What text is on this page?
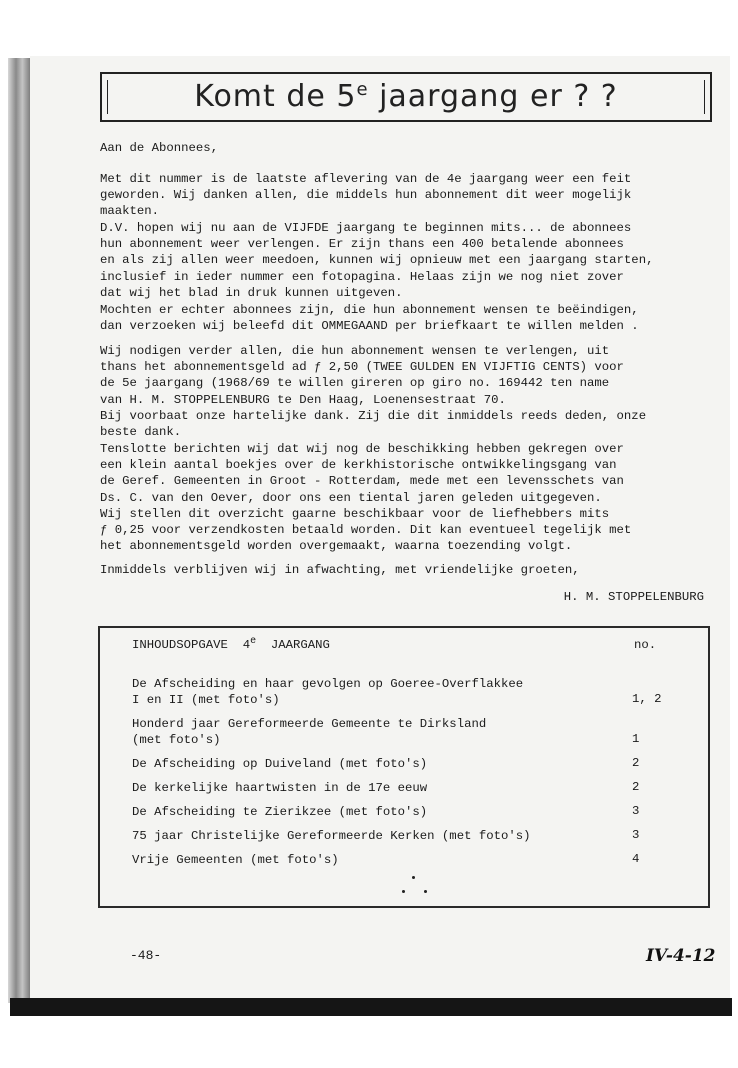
Komt de 5e jaargang er ? ?

Aan de Abonnees,

Met dit nummer is de laatste aflevering van de 4e jaargang weer een feit
geworden. Wij danken allen, die middels hun abonnement dit weer mogelijk
maakten.

D.V. hopen wij nu aan de VIJFDE jaargang te beginnen mits... de abonnees
hun abonnement weer verlengen. Er zijn thans een 400 betalende abonnees
en als zij allen weer meedoen, kunnen wij opnieuw met een jaargang starten,
inclusief in ieder nummer een fotopagina. Helaas zijn we nog niet zover
dat wij het blad in druk kunnen uitgeven.

Mochten er echter abonnees zijn, die hun abonnement wensen te beëindigen,
dan verzoeken wij beleefd dit OMMEGAAND per briefkaart te willen melden .

Wij nodigen verder allen, die hun abonnement wensen te verlengen, uit
thans het abonnementsgeld ad ƒ 2,50 (TWEE GULDEN EN VIJFTIG CENTS) voor
de 5e jaargang (1968/69 te willen gireren op giro no. 169442 ten name
van H. M. STOPPELENBURG te Den Haag, Loenensestraat 70.
Bij voorbaat onze hartelijke dank. Zij die dit inmiddels reeds deden, onze
beste dank.

Tenslotte berichten wij dat wij nog de beschikking hebben gekregen over
een klein aantal boekjes over de kerkhistorische ontwikkelingsgang van
de Geref. Gemeenten in Groot - Rotterdam, mede met een levensschets van
Ds. C. van den Oever, door ons een tiental jaren geleden uitgegeven.
Wij stellen dit overzicht gaarne beschikbaar voor de liefhebbers mits
ƒ 0,25 voor verzendkosten betaald worden. Dit kan eventueel tegelijk met
het abonnementsgeld worden overgemaakt, waarna toezending volgt.

Inmiddels verblijven wij in afwachting, met vriendelijke groeten,

H. M. STOPPELENBURG
INHOUDSOPGAVE  4e  JAARGANG	no.
De Afscheiding en haar gevolgen op Goeree-Overflakkee
I en II (met foto's)	1, 2
Honderd jaar Gereformeerde Gemeente te Dirksland
(met foto's)	1
De Afscheiding op Duiveland (met foto's)	2
De kerkelijke haartwisten in de 17e eeuw	2
De Afscheiding te Zierikzee (met foto's)	3
75 jaar Christelijke Gereformeerde Kerken (met foto's)	3
Vrije Gemeenten (met foto's)	4
-48-	IV-4-12
